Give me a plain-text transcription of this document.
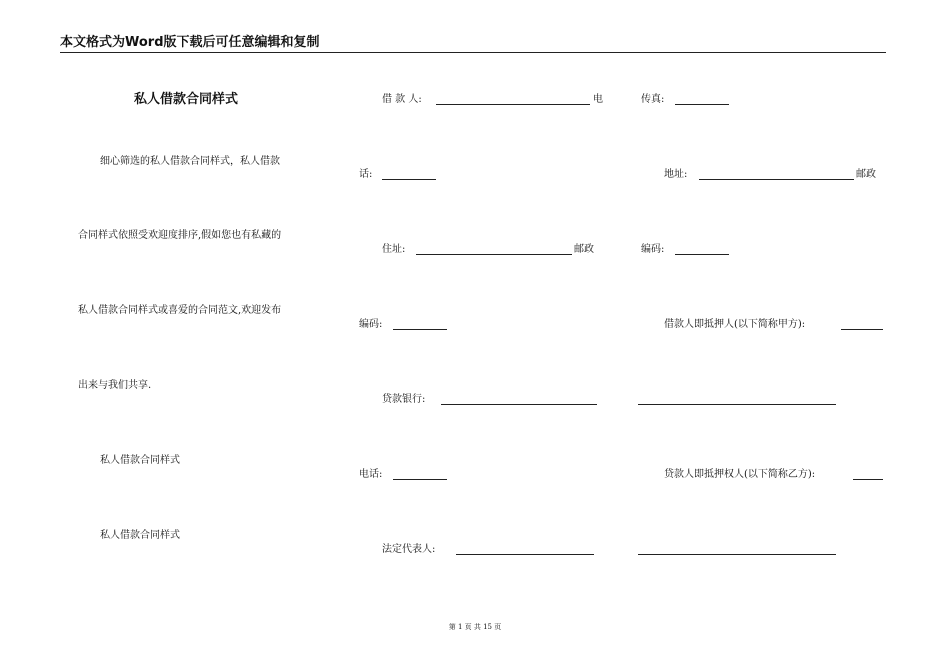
本文格式为Word版下载后可任意编辑和复制
私人借款合同样式
细心筛选的私人借款合同样式，私人借款
合同样式依照受欢迎度排序,假如您也有私藏的
私人借款合同样式或喜爱的合同范文,欢迎发布
出来与我们共享.
私人借款合同样式
私人借款合同样式
借 款 人:	电	传真:
话:	地址:	邮政
住址:	邮政	编码:
编码:	借款人即抵押人(以下简称甲方):
贷款银行:
电话:	贷款人即抵押权人(以下简称乙方):
法定代表人:
第 1 页 共 15 页
